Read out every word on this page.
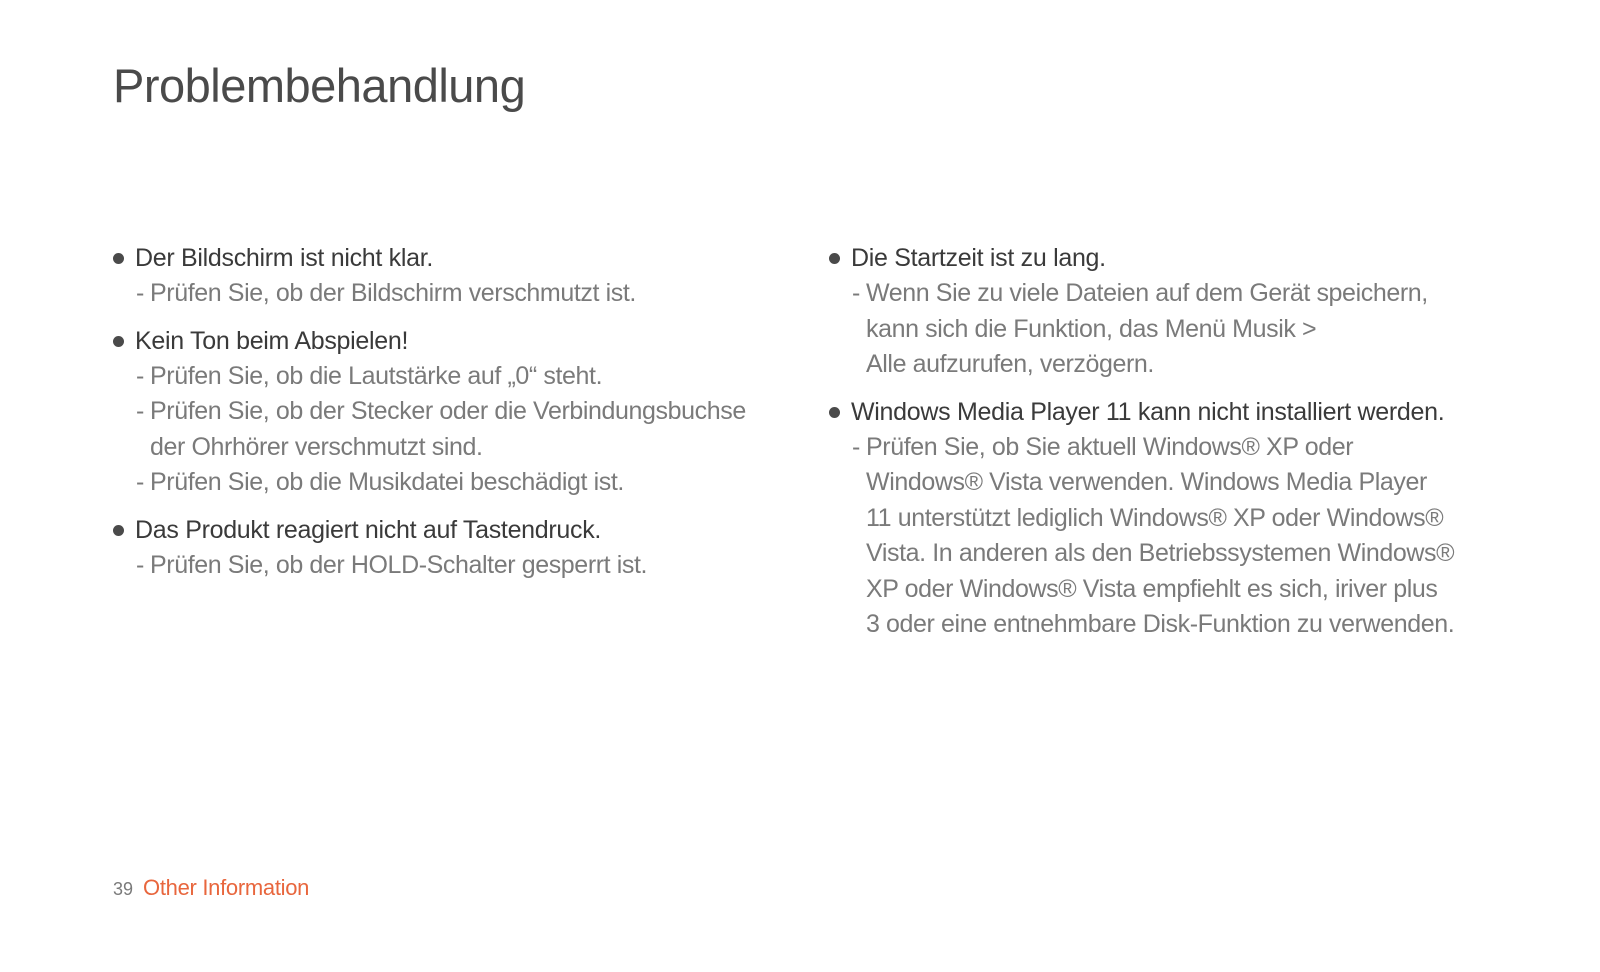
Problembehandlung
Der Bildschirm ist nicht klar.
- Prüfen Sie, ob der Bildschirm verschmutzt ist.
Kein Ton beim Abspielen!
- Prüfen Sie, ob die Lautstärke auf „0“ steht.
- Prüfen Sie, ob der Stecker oder die Verbindungsbuchse
der Ohrhörer verschmutzt sind.
- Prüfen Sie, ob die Musikdatei beschädigt ist.
Das Produkt reagiert nicht auf Tastendruck.
- Prüfen Sie, ob der HOLD-Schalter gesperrt ist.
Die Startzeit ist zu lang.
- Wenn Sie zu viele Dateien auf dem Gerät speichern,
kann sich die Funktion, das Menü Musik >
Alle aufzurufen, verzögern.
Windows Media Player 11 kann nicht installiert werden.
- Prüfen Sie, ob Sie aktuell Windows® XP oder
Windows® Vista verwenden. Windows Media Player
11 unterstützt lediglich Windows® XP oder Windows®
Vista. In anderen als den Betriebssystemen Windows®
XP oder Windows® Vista empfiehlt es sich, iriver plus
3 oder eine entnehmbare Disk-Funktion zu verwenden.
39 Other Information
